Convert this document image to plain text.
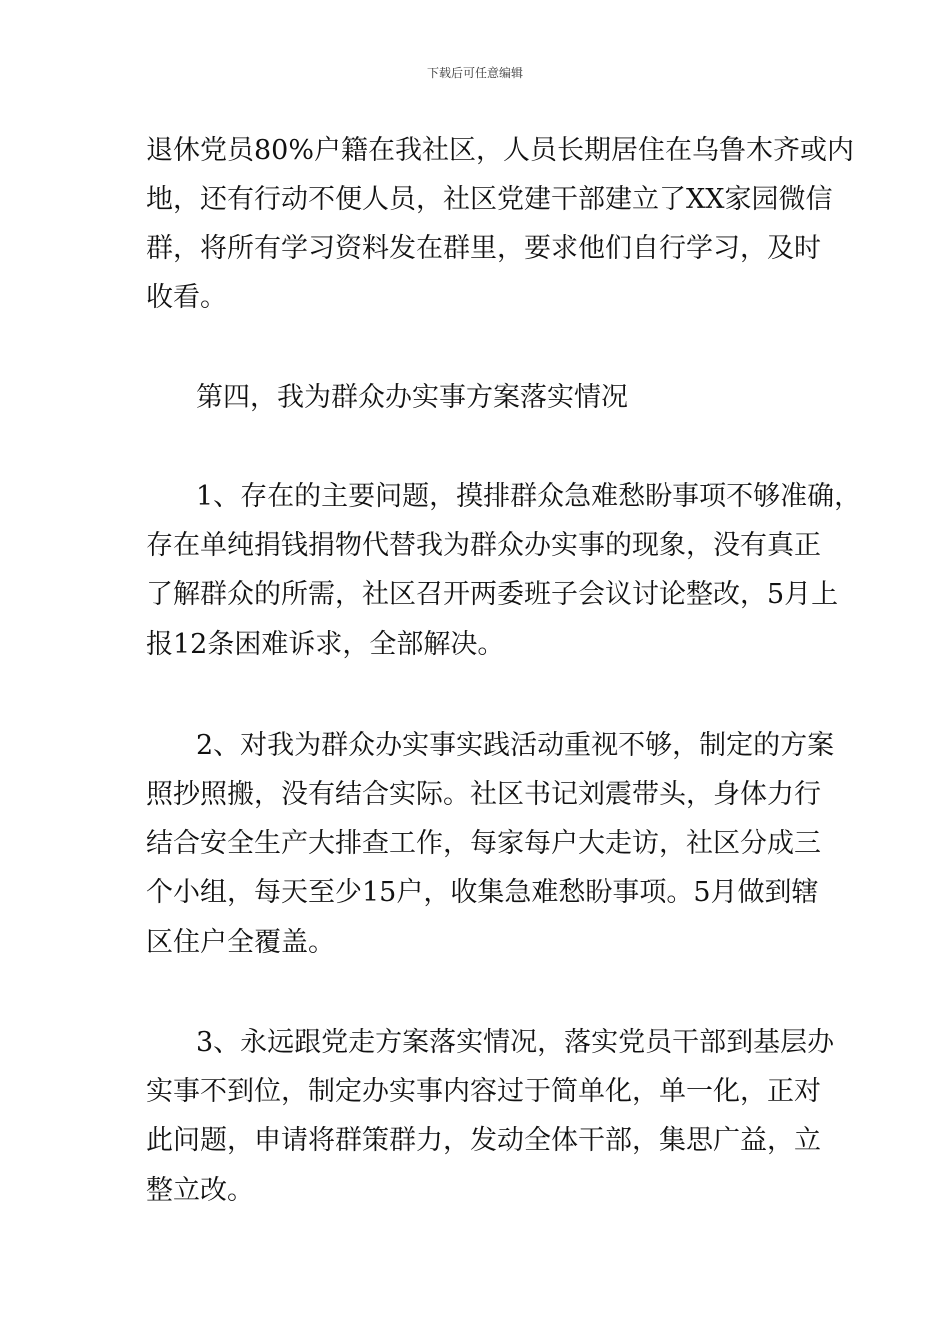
下载后可任意编辑
退休党员80%户籍在我社区，人员长期居住在乌鲁木齐或内
地，还有行动不便人员，社区党建干部建立了XX家园微信
群，将所有学习资料发在群里，要求他们自行学习，及时
收看。
第四，我为群众办实事方案落实情况
1、存在的主要问题，摸排群众急难愁盼事项不够准确，
存在单纯捐钱捐物代替我为群众办实事的现象，没有真正
了解群众的所需，社区召开两委班子会议讨论整改，5月上
报12条困难诉求，全部解决。
2、对我为群众办实事实践活动重视不够，制定的方案
照抄照搬，没有结合实际。社区书记刘震带头，身体力行
结合安全生产大排查工作，每家每户大走访，社区分成三
个小组，每天至少15户，收集急难愁盼事项。5月做到辖
区住户全覆盖。
3、永远跟党走方案落实情况，落实党员干部到基层办
实事不到位，制定办实事内容过于简单化，单一化，正对
此问题，申请将群策群力，发动全体干部，集思广益，立
整立改。
